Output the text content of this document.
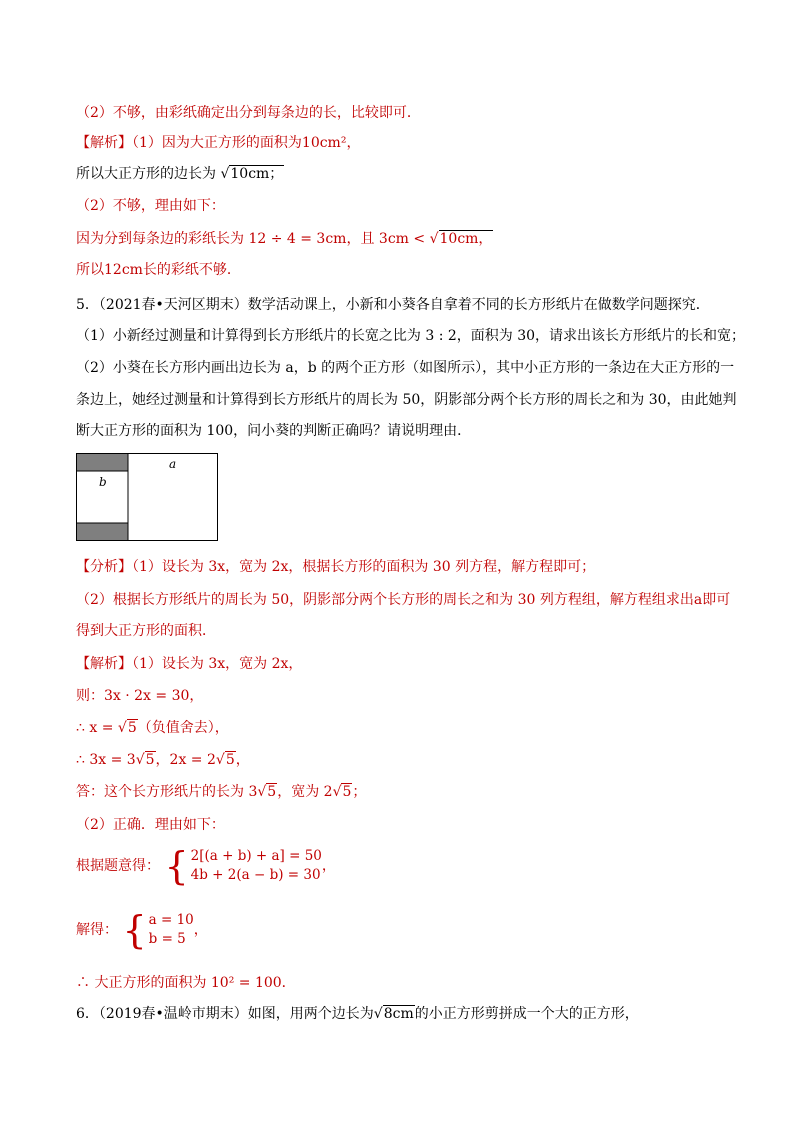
（2）不够，由彩纸确定出分到每条边的长，比较即可．
【解析】（1）因为大正方形的面积为10cm²，
所以大正方形的边长为 √10cm；
（2）不够，理由如下：
因为分到每条边的彩纸长为 12 ÷ 4 = 3cm，且 3cm < √10cm，
所以12cm长的彩纸不够．
5．（2021春•天河区期末）数学活动课上，小新和小葵各自拿着不同的长方形纸片在做数学问题探究．
（1）小新经过测量和计算得到长方形纸片的长宽之比为 3 : 2，面积为 30，请求出该长方形纸片的长和宽；
（2）小葵在长方形内画出边长为 a，b 的两个正方形（如图所示），其中小正方形的一条边在大正方形的一
条边上，她经过测量和计算得到长方形纸片的周长为 50，阴影部分两个长方形的周长之和为 30，由此她判
断大正方形的面积为 100，问小葵的判断正确吗？请说明理由．
a
b
【分析】（1）设长为 3x，宽为 2x，根据长方形的面积为 30 列方程，解方程即可；
（2）根据长方形纸片的周长为 50，阴影部分两个长方形的周长之和为 30 列方程组，解方程组求出a即可
得到大正方形的面积．
【解析】（1）设长为 3x，宽为 2x，
则：3x · 2x = 30，
∴ x = √5（负值舍去），
∴ 3x = 3√5，2x = 2√5，
答：这个长方形纸片的长为 3√5，宽为 2√5；
（2）正确．理由如下：
根据题意得： { 2[(a + b) + a] = 50
4b + 2(a − b) = 30
，
解得： { a = 10
b = 5
，
∴ 大正方形的面积为 10² = 100．
6．（2019春•温岭市期末）如图，用两个边长为√8cm的小正方形剪拼成一个大的正方形，
